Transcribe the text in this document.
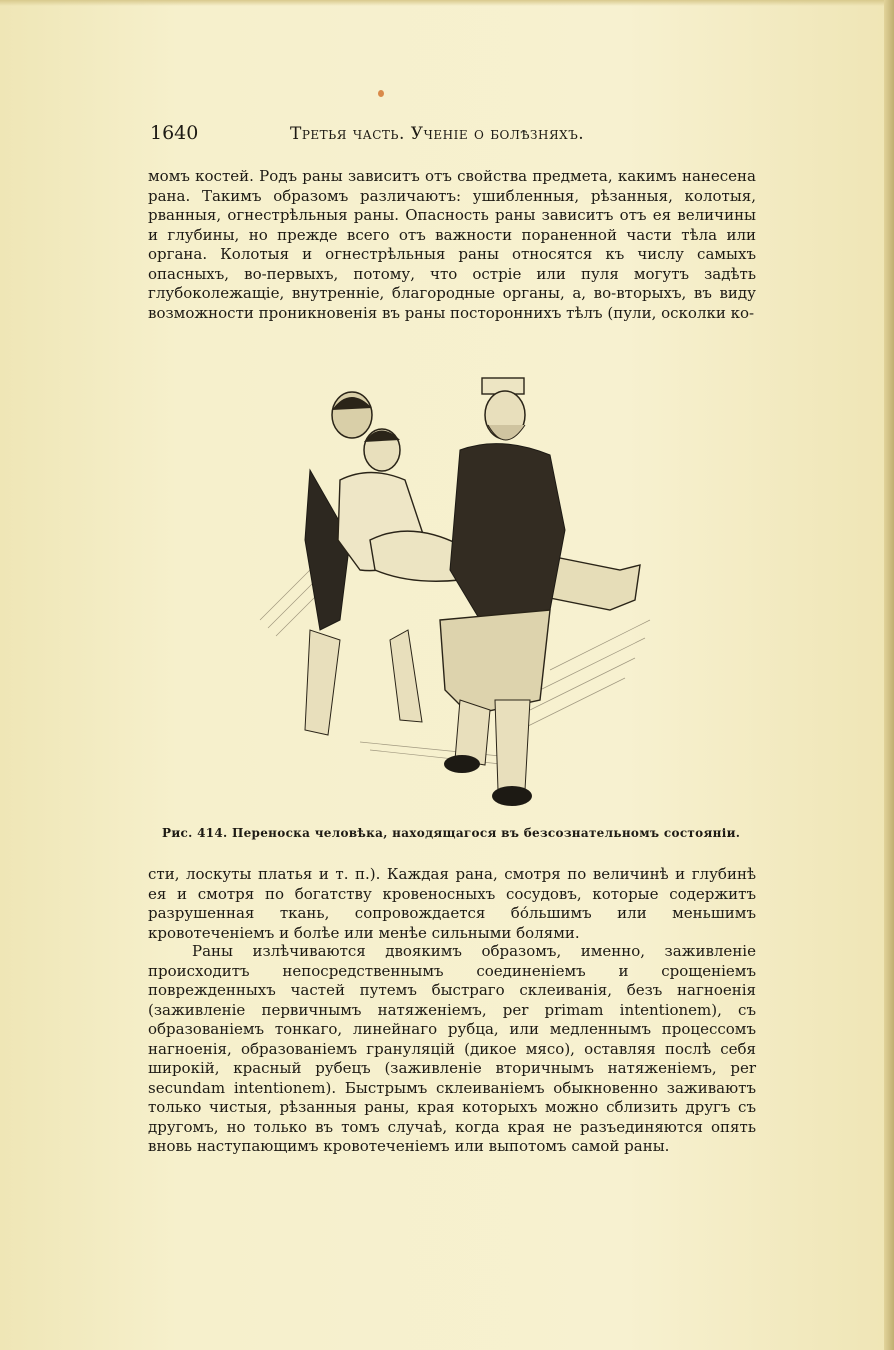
1640	Третья часть. Ученіе о болѣзняхъ.
момъ костей. Родъ раны зависитъ отъ свойства предмета, какимъ нанесена рана. Такимъ образомъ различаютъ: ушибленныя, рѣзанныя, колотыя, рванныя, огнестрѣльныя раны. Опасность раны зависитъ отъ ея величины и глубины, но прежде всего отъ важности пораненной части тѣла или органа. Колотыя и огнестрѣльныя раны относятся къ числу самыхъ опасныхъ, во-первыхъ, потому, что остріе или пуля могутъ задѣть глубоколежащіе, внутренніе, благородные органы, а, во-вторыхъ, въ виду возможности проникновенія въ раны постороннихъ тѣлъ (пули, осколки ко-
Рис. 414. Переноска человѣка, находящагося въ безсознательномъ состояніи.
сти, лоскуты платья и т. п.). Каждая рана, смотря по величинѣ и глубинѣ ея и смотря по богатству кровеносныхъ сосудовъ, которые содержитъ разрушенная ткань, сопровождается бо́льшимъ или меньшимъ кровотеченіемъ и болѣе или менѣе сильными болями.
Раны излѣчиваются двоякимъ образомъ, именно, заживленіе происходитъ непосредственнымъ соединеніемъ и срощеніемъ поврежденныхъ частей путемъ быстраго склеиванія, безъ нагноенія (заживленіе первичнымъ натяженіемъ, per primam intentionem), съ образованіемъ тонкаго, линейнаго рубца, или медленнымъ процессомъ нагноенія, образованіемъ грануляцій (дикое мясо), оставляя послѣ себя широкій, красный рубецъ (заживленіе вторичнымъ натяженіемъ, per secundam intentionem). Быстрымъ склеиваніемъ обыкновенно заживаютъ только чистыя, рѣзанныя раны, края которыхъ можно сблизить другъ съ другомъ, но только въ томъ случаѣ, когда края не разъединяются опять вновь наступающимъ кровотеченіемъ или выпотомъ самой раны.
